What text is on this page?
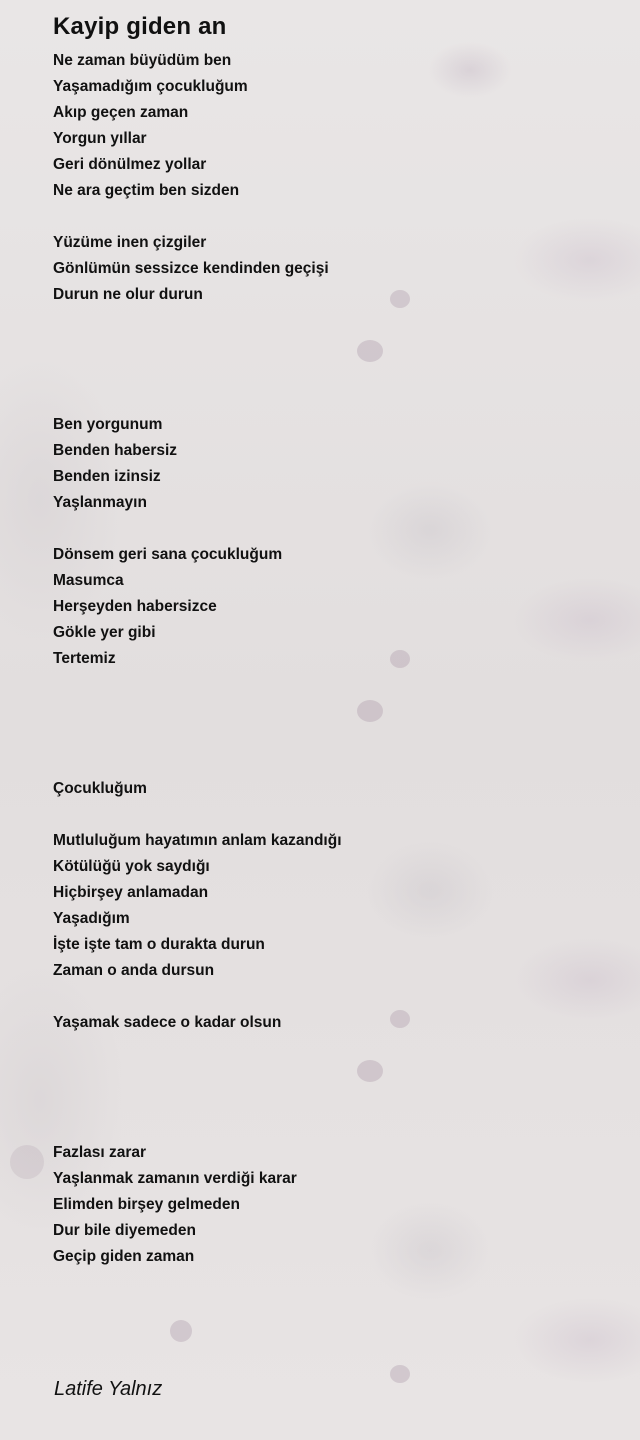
Kayip giden an
Ne zaman büyüdüm ben
Yaşamadığım çocukluğum
Akıp geçen zaman
Yorgun yıllar
Geri dönülmez yollar
Ne ara geçtim ben sizden
Yüzüme inen çizgiler
Gönlümün sessizce kendinden geçişi
Durun ne olur durun
Ben yorgunum
Benden habersiz
Benden izinsiz
Yaşlanmayın
Dönsem geri sana çocukluğum
Masumca
Herşeyden habersizce
Gökle yer gibi
Tertemiz
Çocukluğum
Mutluluğum hayatımın anlam kazandığı
Kötülüğü yok saydığı
Hiçbirşey anlamadan
Yaşadığım
İşte işte tam o durakta durun
Zaman o anda dursun
Yaşamak sadece o kadar olsun
Fazlası zarar
Yaşlanmak zamanın verdiği karar
Elimden birşey gelmeden
Dur bile diyemeden
Geçip giden zaman
Latife Yalnız
